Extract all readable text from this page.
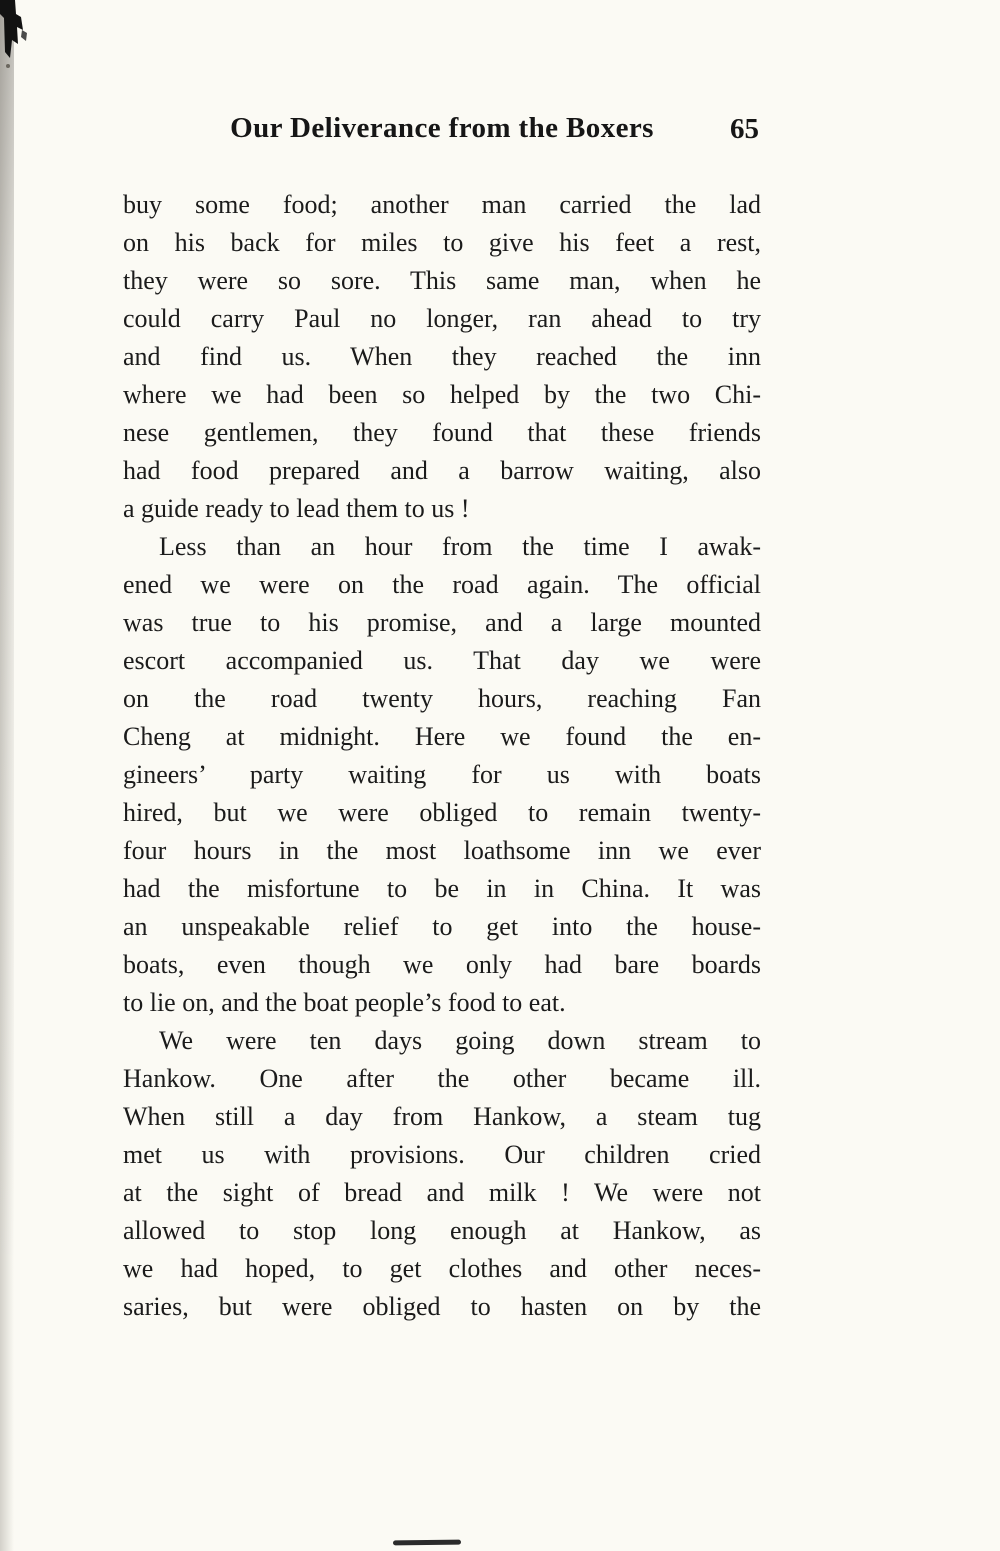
Our Deliverance from the Boxers	65
buy some food; another man carried the lad
on his back for miles to give his feet a rest,
they were so sore. This same man, when he
could carry Paul no longer, ran ahead to try
and find us. When they reached the inn
where we had been so helped by the two Chi-
nese gentlemen, they found that these friends
had food prepared and a barrow waiting, also
a guide ready to lead them to us !
Less than an hour from the time I awak-
ened we were on the road again. The official
was true to his promise, and a large mounted
escort accompanied us. That day we were
on the road twenty hours, reaching Fan
Cheng at midnight. Here we found the en-
gineers’ party waiting for us with boats
hired, but we were obliged to remain twenty-
four hours in the most loathsome inn we ever
had the misfortune to be in in China. It was
an unspeakable relief to get into the house-
boats, even though we only had bare boards
to lie on, and the boat people’s food to eat.
We were ten days going down stream to
Hankow. One after the other became ill.
When still a day from Hankow, a steam tug
met us with provisions. Our children cried
at the sight of bread and milk ! We were not
allowed to stop long enough at Hankow, as
we had hoped, to get clothes and other neces-
saries, but were obliged to hasten on by the
